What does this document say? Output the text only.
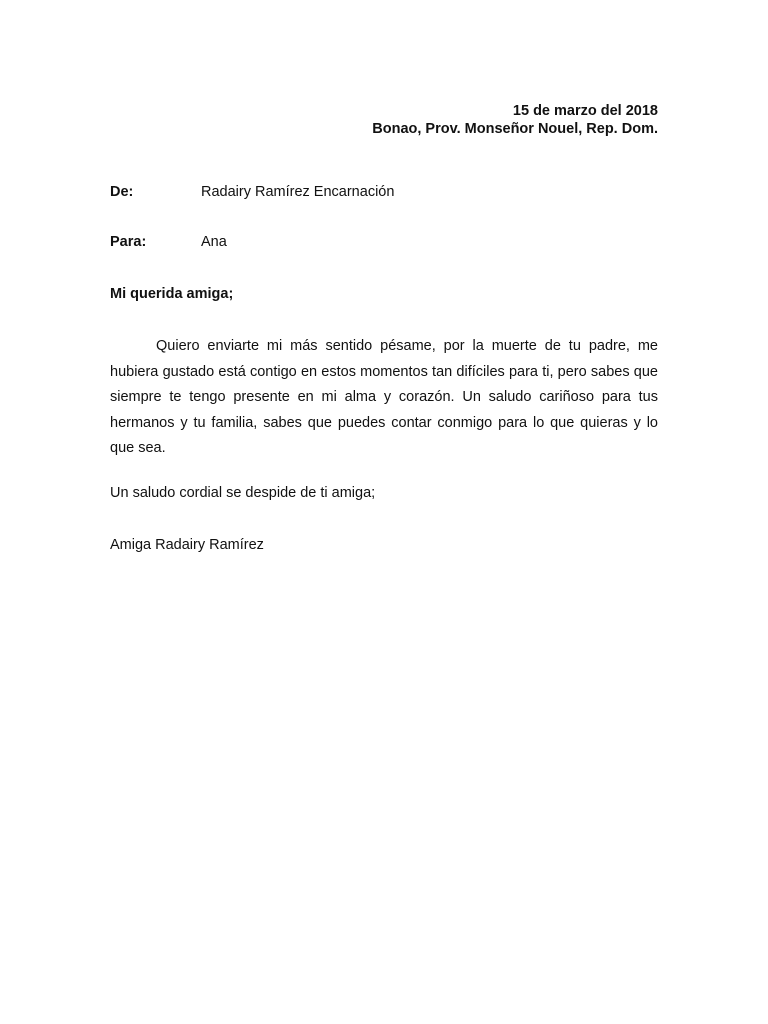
15 de marzo del 2018
Bonao, Prov. Monseñor Nouel, Rep. Dom.
De:	Radairy Ramírez Encarnación
Para:	Ana
Mi querida amiga;

Quiero enviarte mi más sentido pésame, por la muerte de tu padre, me hubiera gustado está contigo en estos momentos tan difíciles para ti, pero sabes que siempre te tengo presente en mi alma y corazón. Un saludo cariñoso para tus hermanos y tu familia, sabes que puedes contar conmigo para lo que quieras y lo que sea.

Un saludo cordial se despide de ti amiga;
Amiga Radairy Ramírez
